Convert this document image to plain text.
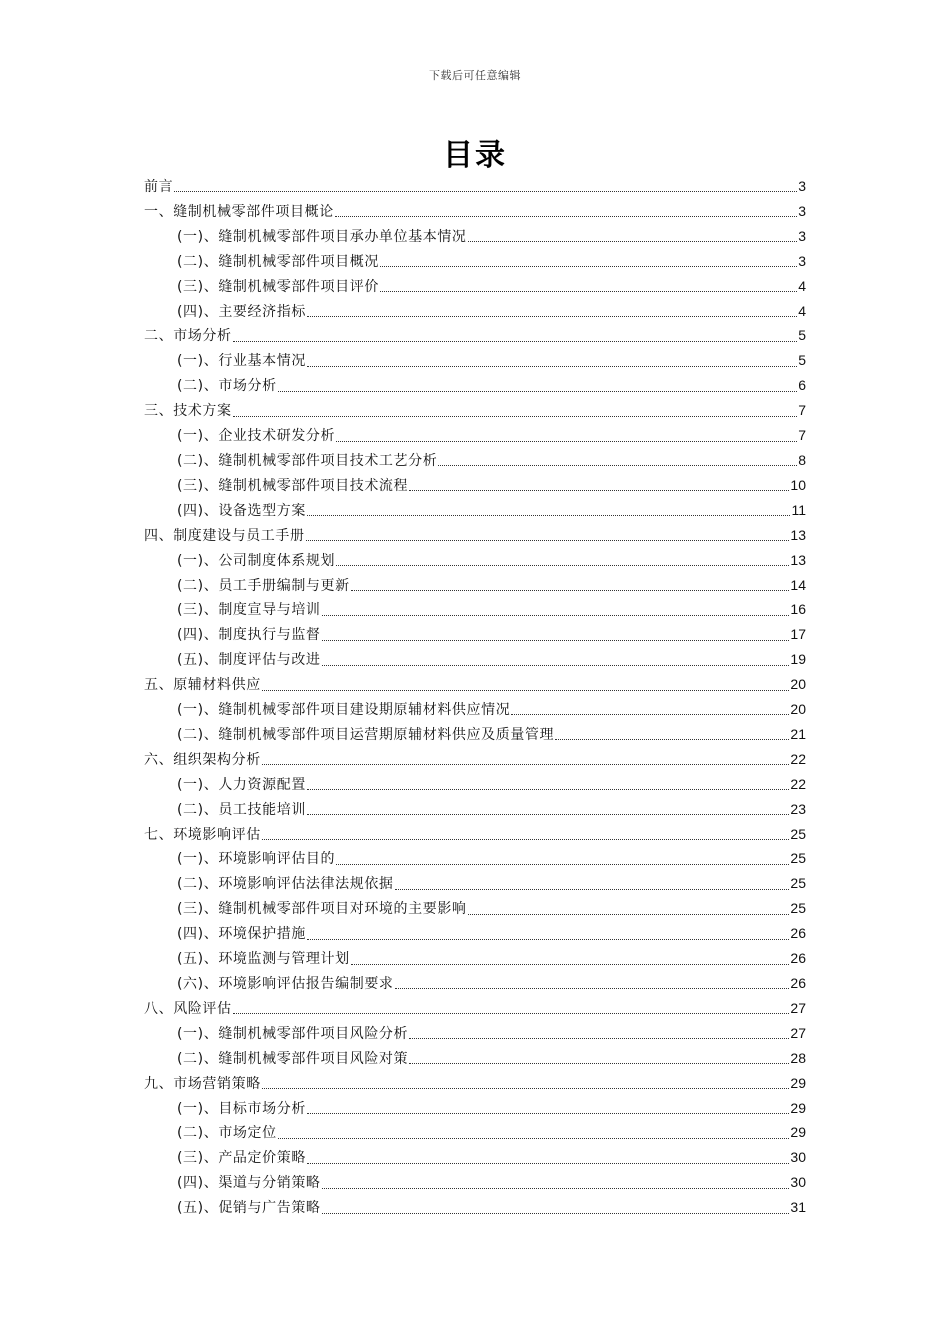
下载后可任意编辑
目录
前言	3
一、缝制机械零部件项目概论	3
(一)、缝制机械零部件项目承办单位基本情况	3
(二)、缝制机械零部件项目概况	3
(三)、缝制机械零部件项目评价	4
(四)、主要经济指标	4
二、市场分析	5
(一)、行业基本情况	5
(二)、市场分析	6
三、技术方案	7
(一)、企业技术研发分析	7
(二)、缝制机械零部件项目技术工艺分析	8
(三)、缝制机械零部件项目技术流程	10
(四)、设备选型方案	11
四、制度建设与员工手册	13
(一)、公司制度体系规划	13
(二)、员工手册编制与更新	14
(三)、制度宣导与培训	16
(四)、制度执行与监督	17
(五)、制度评估与改进	19
五、原辅材料供应	20
(一)、缝制机械零部件项目建设期原辅材料供应情况	20
(二)、缝制机械零部件项目运营期原辅材料供应及质量管理	21
六、组织架构分析	22
(一)、人力资源配置	22
(二)、员工技能培训	23
七、环境影响评估	25
(一)、环境影响评估目的	25
(二)、环境影响评估法律法规依据	25
(三)、缝制机械零部件项目对环境的主要影响	25
(四)、环境保护措施	26
(五)、环境监测与管理计划	26
(六)、环境影响评估报告编制要求	26
八、风险评估	27
(一)、缝制机械零部件项目风险分析	27
(二)、缝制机械零部件项目风险对策	28
九、市场营销策略	29
(一)、目标市场分析	29
(二)、市场定位	29
(三)、产品定价策略	30
(四)、渠道与分销策略	30
(五)、促销与广告策略	31
